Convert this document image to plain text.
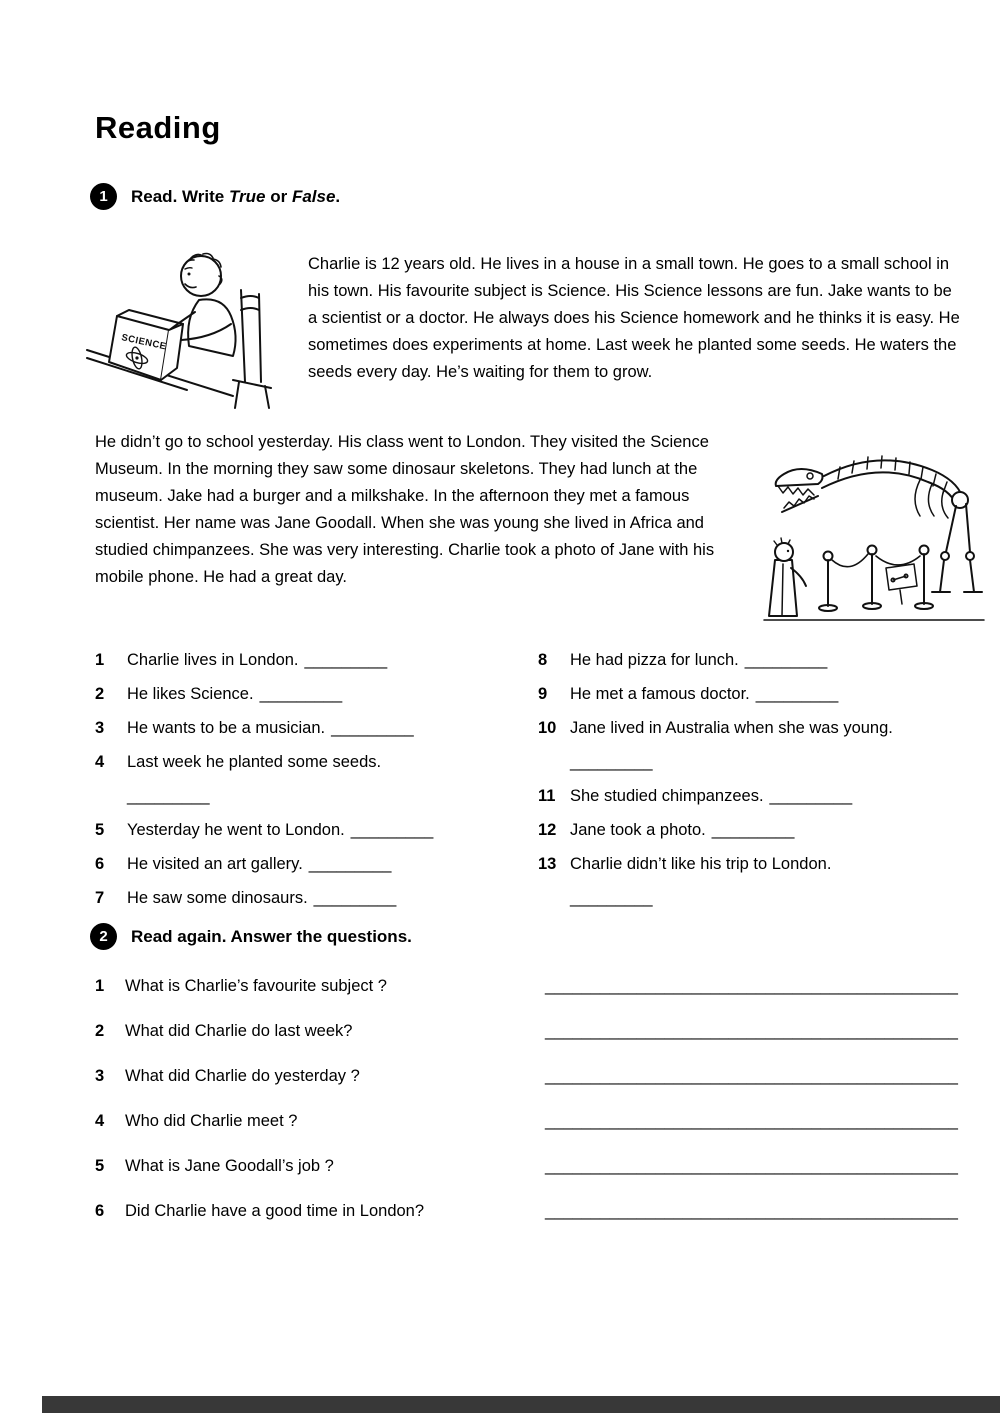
Reading
1	Read. Write True or False.
SCIENCE
Charlie is 12 years old. He lives in a house in a small town. He goes to a small school in his town. His favourite subject is Science. His Science lessons are fun. Jake wants to be a scientist or a doctor. He always does his Science homework and he thinks it is easy. He sometimes does experiments at home. Last week he planted some seeds. He waters the seeds every day. He’s waiting for them to grow.
He didn’t go to school yesterday. His class went to London. They visited the Science Museum. In the morning they saw some dinosaur skeletons. They had lunch at the museum. Jake had a burger and a milkshake. In the afternoon they met a famous scientist. Her name was Jane Goodall. When she was young she lived in Africa and studied chimpanzees. She was very interesting. Charlie took a photo of Jane with his mobile phone. He had a great day.
1	Charlie lives in London. _________
2	He likes Science. _________
3	He wants to be a musician. _________
4	Last week he planted some seeds.
_________
5	Yesterday he went to London. _________
6	He visited an art gallery. _________
7	He saw some dinosaurs. _________
8	He had pizza for lunch. _________
9	He met a famous doctor. _________
10 Jane lived in Australia when she was young.
_________
11 She studied chimpanzees. _________
12 Jane took a photo. _________
13 Charlie didn’t like his trip to London.
_________
2	Read again. Answer the questions.
1 What is Charlie’s favourite subject ?	_____________________________________________
2 What did Charlie do last week?	_____________________________________________
3 What did Charlie do yesterday ?	_____________________________________________
4 Who did Charlie meet ?	_____________________________________________
5 What is Jane Goodall’s job ?	_____________________________________________
6 Did Charlie have a good time in London?	_____________________________________________
